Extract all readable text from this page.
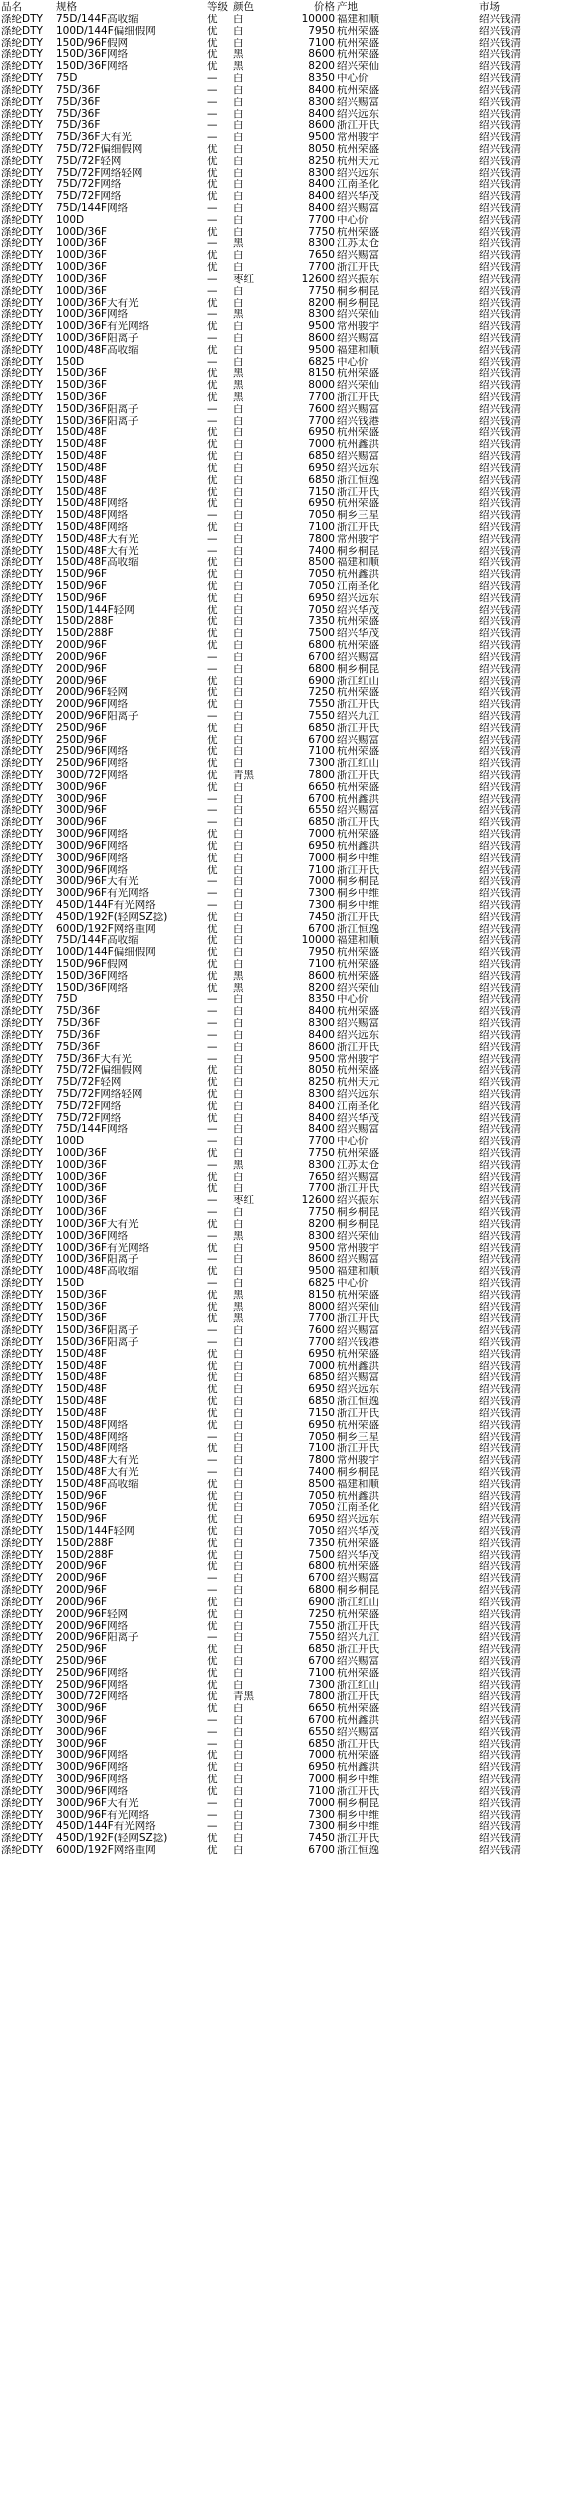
品名	规格	等级 颜色	价格 产地	市场
涤纶DTY	75D/144F高收缩	优	白	10000 福建和顺	绍兴钱清
涤纶DTY	100D/144F偏细假网	优	白	7950 杭州荣盛	绍兴钱清
涤纶DTY	150D/96F假网	优	白	7100 杭州荣盛	绍兴钱清
涤纶DTY	150D/36F网络	优	黑	8600 杭州荣盛	绍兴钱清
涤纶DTY	150D/36F网络	优	黑	8200 绍兴荣仙	绍兴钱清
涤纶DTY	75D	—	白	8350 中心价	绍兴钱清
涤纶DTY	75D/36F	—	白	8400 杭州荣盛	绍兴钱清
涤纶DTY	75D/36F	—	白	8300 绍兴赐富	绍兴钱清
涤纶DTY	75D/36F	—	白	8400 绍兴远东	绍兴钱清
涤纶DTY	75D/36F	—	白	8600 浙江开氏	绍兴钱清
涤纶DTY	75D/36F大有光	—	白	9500 常州骏宇	绍兴钱清
涤纶DTY	75D/72F偏细假网	优	白	8050 杭州荣盛	绍兴钱清
涤纶DTY	75D/72F轻网	优	白	8250 杭州天元	绍兴钱清
涤纶DTY	75D/72F网络轻网	优	白	8300 绍兴远东	绍兴钱清
涤纶DTY	75D/72F网络	优	白	8400 江南圣化	绍兴钱清
涤纶DTY	75D/72F网络	优	白	8400 绍兴华茂	绍兴钱清
涤纶DTY	75D/144F网络	—	白	8400 绍兴赐富	绍兴钱清
涤纶DTY	100D	—	白	7700 中心价	绍兴钱清
涤纶DTY	100D/36F	优	白	7750 杭州荣盛	绍兴钱清
涤纶DTY	100D/36F	—	黑	8300 江苏太仓	绍兴钱清
涤纶DTY	100D/36F	优	白	7650 绍兴赐富	绍兴钱清
涤纶DTY	100D/36F	优	白	7700 浙江开氏	绍兴钱清
涤纶DTY	100D/36F	—	枣红	12600 绍兴振东	绍兴钱清
涤纶DTY	100D/36F	—	白	7750 桐乡桐昆	绍兴钱清
涤纶DTY	100D/36F大有光	优	白	8200 桐乡桐昆	绍兴钱清
涤纶DTY	100D/36F网络	—	黑	8300 绍兴荣仙	绍兴钱清
涤纶DTY	100D/36F有光网络	优	白	9500 常州骏宇	绍兴钱清
涤纶DTY	100D/36F阳离子	—	白	8600 绍兴赐富	绍兴钱清
涤纶DTY	100D/48F高收缩	优	白	9500 福建和顺	绍兴钱清
涤纶DTY	150D	—	白	6825 中心价	绍兴钱清
涤纶DTY	150D/36F	优	黑	8150 杭州荣盛	绍兴钱清
涤纶DTY	150D/36F	优	黑	8000 绍兴荣仙	绍兴钱清
涤纶DTY	150D/36F	优	黑	7700 浙江开氏	绍兴钱清
涤纶DTY	150D/36F阳离子	—	白	7600 绍兴赐富	绍兴钱清
涤纶DTY	150D/36F阳离子	—	白	7700 绍兴钱港	绍兴钱清
涤纶DTY	150D/48F	优	白	6950 杭州荣盛	绍兴钱清
涤纶DTY	150D/48F	优	白	7000 杭州鑫洪	绍兴钱清
涤纶DTY	150D/48F	优	白	6850 绍兴赐富	绍兴钱清
涤纶DTY	150D/48F	优	白	6950 绍兴远东	绍兴钱清
涤纶DTY	150D/48F	优	白	6850 浙江恒逸	绍兴钱清
涤纶DTY	150D/48F	优	白	7150 浙江开氏	绍兴钱清
涤纶DTY	150D/48F网络	优	白	6950 杭州荣盛	绍兴钱清
涤纶DTY	150D/48F网络	—	白	7050 桐乡三星	绍兴钱清
涤纶DTY	150D/48F网络	优	白	7100 浙江开氏	绍兴钱清
涤纶DTY	150D/48F大有光	—	白	7800 常州骏宇	绍兴钱清
涤纶DTY	150D/48F大有光	—	白	7400 桐乡桐昆	绍兴钱清
涤纶DTY	150D/48F高收缩	优	白	8500 福建和顺	绍兴钱清
涤纶DTY	150D/96F	优	白	7050 杭州鑫洪	绍兴钱清
涤纶DTY	150D/96F	优	白	7050 江南圣化	绍兴钱清
涤纶DTY	150D/96F	优	白	6950 绍兴远东	绍兴钱清
涤纶DTY	150D/144F轻网	优	白	7050 绍兴华茂	绍兴钱清
涤纶DTY	150D/288F	优	白	7350 杭州荣盛	绍兴钱清
涤纶DTY	150D/288F	优	白	7500 绍兴华茂	绍兴钱清
涤纶DTY	200D/96F	优	白	6800 杭州荣盛	绍兴钱清
涤纶DTY	200D/96F	—	白	6700 绍兴赐富	绍兴钱清
涤纶DTY	200D/96F	—	白	6800 桐乡桐昆	绍兴钱清
涤纶DTY	200D/96F	优	白	6900 浙江红山	绍兴钱清
涤纶DTY	200D/96F轻网	优	白	7250 杭州荣盛	绍兴钱清
涤纶DTY	200D/96F网络	优	白	7550 浙江开氏	绍兴钱清
涤纶DTY	200D/96F阳离子	—	白	7550 绍兴九江	绍兴钱清
涤纶DTY	250D/96F	优	白	6850 浙江开氏	绍兴钱清
涤纶DTY	250D/96F	优	白	6700 绍兴赐富	绍兴钱清
涤纶DTY	250D/96F网络	优	白	7100 杭州荣盛	绍兴钱清
涤纶DTY	250D/96F网络	优	白	7300 浙江红山	绍兴钱清
涤纶DTY	300D/72F网络	优	青黑	7800 浙江开氏	绍兴钱清
涤纶DTY	300D/96F	优	白	6650 杭州荣盛	绍兴钱清
涤纶DTY	300D/96F	—	白	6700 杭州鑫洪	绍兴钱清
涤纶DTY	300D/96F	—	白	6550 绍兴赐富	绍兴钱清
涤纶DTY	300D/96F	—	白	6850 浙江开氏	绍兴钱清
涤纶DTY	300D/96F网络	优	白	7000 杭州荣盛	绍兴钱清
涤纶DTY	300D/96F网络	优	白	6950 杭州鑫洪	绍兴钱清
涤纶DTY	300D/96F网络	优	白	7000 桐乡中维	绍兴钱清
涤纶DTY	300D/96F网络	优	白	7100 浙江开氏	绍兴钱清
涤纶DTY	300D/96F大有光	—	白	7000 桐乡桐昆	绍兴钱清
涤纶DTY	300D/96F有光网络	—	白	7300 桐乡中维	绍兴钱清
涤纶DTY	450D/144F有光网络	—	白	7300 桐乡中维	绍兴钱清
涤纶DTY	450D/192F(轻网SZ捻)	优	白	7450 浙江开氏	绍兴钱清
涤纶DTY	600D/192F网络重网	优	白	6700 浙江恒逸	绍兴钱清
涤纶DTY	75D/144F高收缩	优	白	10000 福建和顺	绍兴钱清
涤纶DTY	100D/144F偏细假网	优	白	7950 杭州荣盛	绍兴钱清
涤纶DTY	150D/96F假网	优	白	7100 杭州荣盛	绍兴钱清
涤纶DTY	150D/36F网络	优	黑	8600 杭州荣盛	绍兴钱清
涤纶DTY	150D/36F网络	优	黑	8200 绍兴荣仙	绍兴钱清
涤纶DTY	75D	—	白	8350 中心价	绍兴钱清
涤纶DTY	75D/36F	—	白	8400 杭州荣盛	绍兴钱清
涤纶DTY	75D/36F	—	白	8300 绍兴赐富	绍兴钱清
涤纶DTY	75D/36F	—	白	8400 绍兴远东	绍兴钱清
涤纶DTY	75D/36F	—	白	8600 浙江开氏	绍兴钱清
涤纶DTY	75D/36F大有光	—	白	9500 常州骏宇	绍兴钱清
涤纶DTY	75D/72F偏细假网	优	白	8050 杭州荣盛	绍兴钱清
涤纶DTY	75D/72F轻网	优	白	8250 杭州天元	绍兴钱清
涤纶DTY	75D/72F网络轻网	优	白	8300 绍兴远东	绍兴钱清
涤纶DTY	75D/72F网络	优	白	8400 江南圣化	绍兴钱清
涤纶DTY	75D/72F网络	优	白	8400 绍兴华茂	绍兴钱清
涤纶DTY	75D/144F网络	—	白	8400 绍兴赐富	绍兴钱清
涤纶DTY	100D	—	白	7700 中心价	绍兴钱清
涤纶DTY	100D/36F	优	白	7750 杭州荣盛	绍兴钱清
涤纶DTY	100D/36F	—	黑	8300 江苏太仓	绍兴钱清
涤纶DTY	100D/36F	优	白	7650 绍兴赐富	绍兴钱清
涤纶DTY	100D/36F	优	白	7700 浙江开氏	绍兴钱清
涤纶DTY	100D/36F	—	枣红	12600 绍兴振东	绍兴钱清
涤纶DTY	100D/36F	—	白	7750 桐乡桐昆	绍兴钱清
涤纶DTY	100D/36F大有光	优	白	8200 桐乡桐昆	绍兴钱清
涤纶DTY	100D/36F网络	—	黑	8300 绍兴荣仙	绍兴钱清
涤纶DTY	100D/36F有光网络	优	白	9500 常州骏宇	绍兴钱清
涤纶DTY	100D/36F阳离子	—	白	8600 绍兴赐富	绍兴钱清
涤纶DTY	100D/48F高收缩	优	白	9500 福建和顺	绍兴钱清
涤纶DTY	150D	—	白	6825 中心价	绍兴钱清
涤纶DTY	150D/36F	优	黑	8150 杭州荣盛	绍兴钱清
涤纶DTY	150D/36F	优	黑	8000 绍兴荣仙	绍兴钱清
涤纶DTY	150D/36F	优	黑	7700 浙江开氏	绍兴钱清
涤纶DTY	150D/36F阳离子	—	白	7600 绍兴赐富	绍兴钱清
涤纶DTY	150D/36F阳离子	—	白	7700 绍兴钱港	绍兴钱清
涤纶DTY	150D/48F	优	白	6950 杭州荣盛	绍兴钱清
涤纶DTY	150D/48F	优	白	7000 杭州鑫洪	绍兴钱清
涤纶DTY	150D/48F	优	白	6850 绍兴赐富	绍兴钱清
涤纶DTY	150D/48F	优	白	6950 绍兴远东	绍兴钱清
涤纶DTY	150D/48F	优	白	6850 浙江恒逸	绍兴钱清
涤纶DTY	150D/48F	优	白	7150 浙江开氏	绍兴钱清
涤纶DTY	150D/48F网络	优	白	6950 杭州荣盛	绍兴钱清
涤纶DTY	150D/48F网络	—	白	7050 桐乡三星	绍兴钱清
涤纶DTY	150D/48F网络	优	白	7100 浙江开氏	绍兴钱清
涤纶DTY	150D/48F大有光	—	白	7800 常州骏宇	绍兴钱清
涤纶DTY	150D/48F大有光	—	白	7400 桐乡桐昆	绍兴钱清
涤纶DTY	150D/48F高收缩	优	白	8500 福建和顺	绍兴钱清
涤纶DTY	150D/96F	优	白	7050 杭州鑫洪	绍兴钱清
涤纶DTY	150D/96F	优	白	7050 江南圣化	绍兴钱清
涤纶DTY	150D/96F	优	白	6950 绍兴远东	绍兴钱清
涤纶DTY	150D/144F轻网	优	白	7050 绍兴华茂	绍兴钱清
涤纶DTY	150D/288F	优	白	7350 杭州荣盛	绍兴钱清
涤纶DTY	150D/288F	优	白	7500 绍兴华茂	绍兴钱清
涤纶DTY	200D/96F	优	白	6800 杭州荣盛	绍兴钱清
涤纶DTY	200D/96F	—	白	6700 绍兴赐富	绍兴钱清
涤纶DTY	200D/96F	—	白	6800 桐乡桐昆	绍兴钱清
涤纶DTY	200D/96F	优	白	6900 浙江红山	绍兴钱清
涤纶DTY	200D/96F轻网	优	白	7250 杭州荣盛	绍兴钱清
涤纶DTY	200D/96F网络	优	白	7550 浙江开氏	绍兴钱清
涤纶DTY	200D/96F阳离子	—	白	7550 绍兴九江	绍兴钱清
涤纶DTY	250D/96F	优	白	6850 浙江开氏	绍兴钱清
涤纶DTY	250D/96F	优	白	6700 绍兴赐富	绍兴钱清
涤纶DTY	250D/96F网络	优	白	7100 杭州荣盛	绍兴钱清
涤纶DTY	250D/96F网络	优	白	7300 浙江红山	绍兴钱清
涤纶DTY	300D/72F网络	优	青黑	7800 浙江开氏	绍兴钱清
涤纶DTY	300D/96F	优	白	6650 杭州荣盛	绍兴钱清
涤纶DTY	300D/96F	—	白	6700 杭州鑫洪	绍兴钱清
涤纶DTY	300D/96F	—	白	6550 绍兴赐富	绍兴钱清
涤纶DTY	300D/96F	—	白	6850 浙江开氏	绍兴钱清
涤纶DTY	300D/96F网络	优	白	7000 杭州荣盛	绍兴钱清
涤纶DTY	300D/96F网络	优	白	6950 杭州鑫洪	绍兴钱清
涤纶DTY	300D/96F网络	优	白	7000 桐乡中维	绍兴钱清
涤纶DTY	300D/96F网络	优	白	7100 浙江开氏	绍兴钱清
涤纶DTY	300D/96F大有光	—	白	7000 桐乡桐昆	绍兴钱清
涤纶DTY	300D/96F有光网络	—	白	7300 桐乡中维	绍兴钱清
涤纶DTY	450D/144F有光网络	—	白	7300 桐乡中维	绍兴钱清
涤纶DTY	450D/192F(轻网SZ捻)	优	白	7450 浙江开氏	绍兴钱清
涤纶DTY	600D/192F网络重网	优	白	6700 浙江恒逸	绍兴钱清
